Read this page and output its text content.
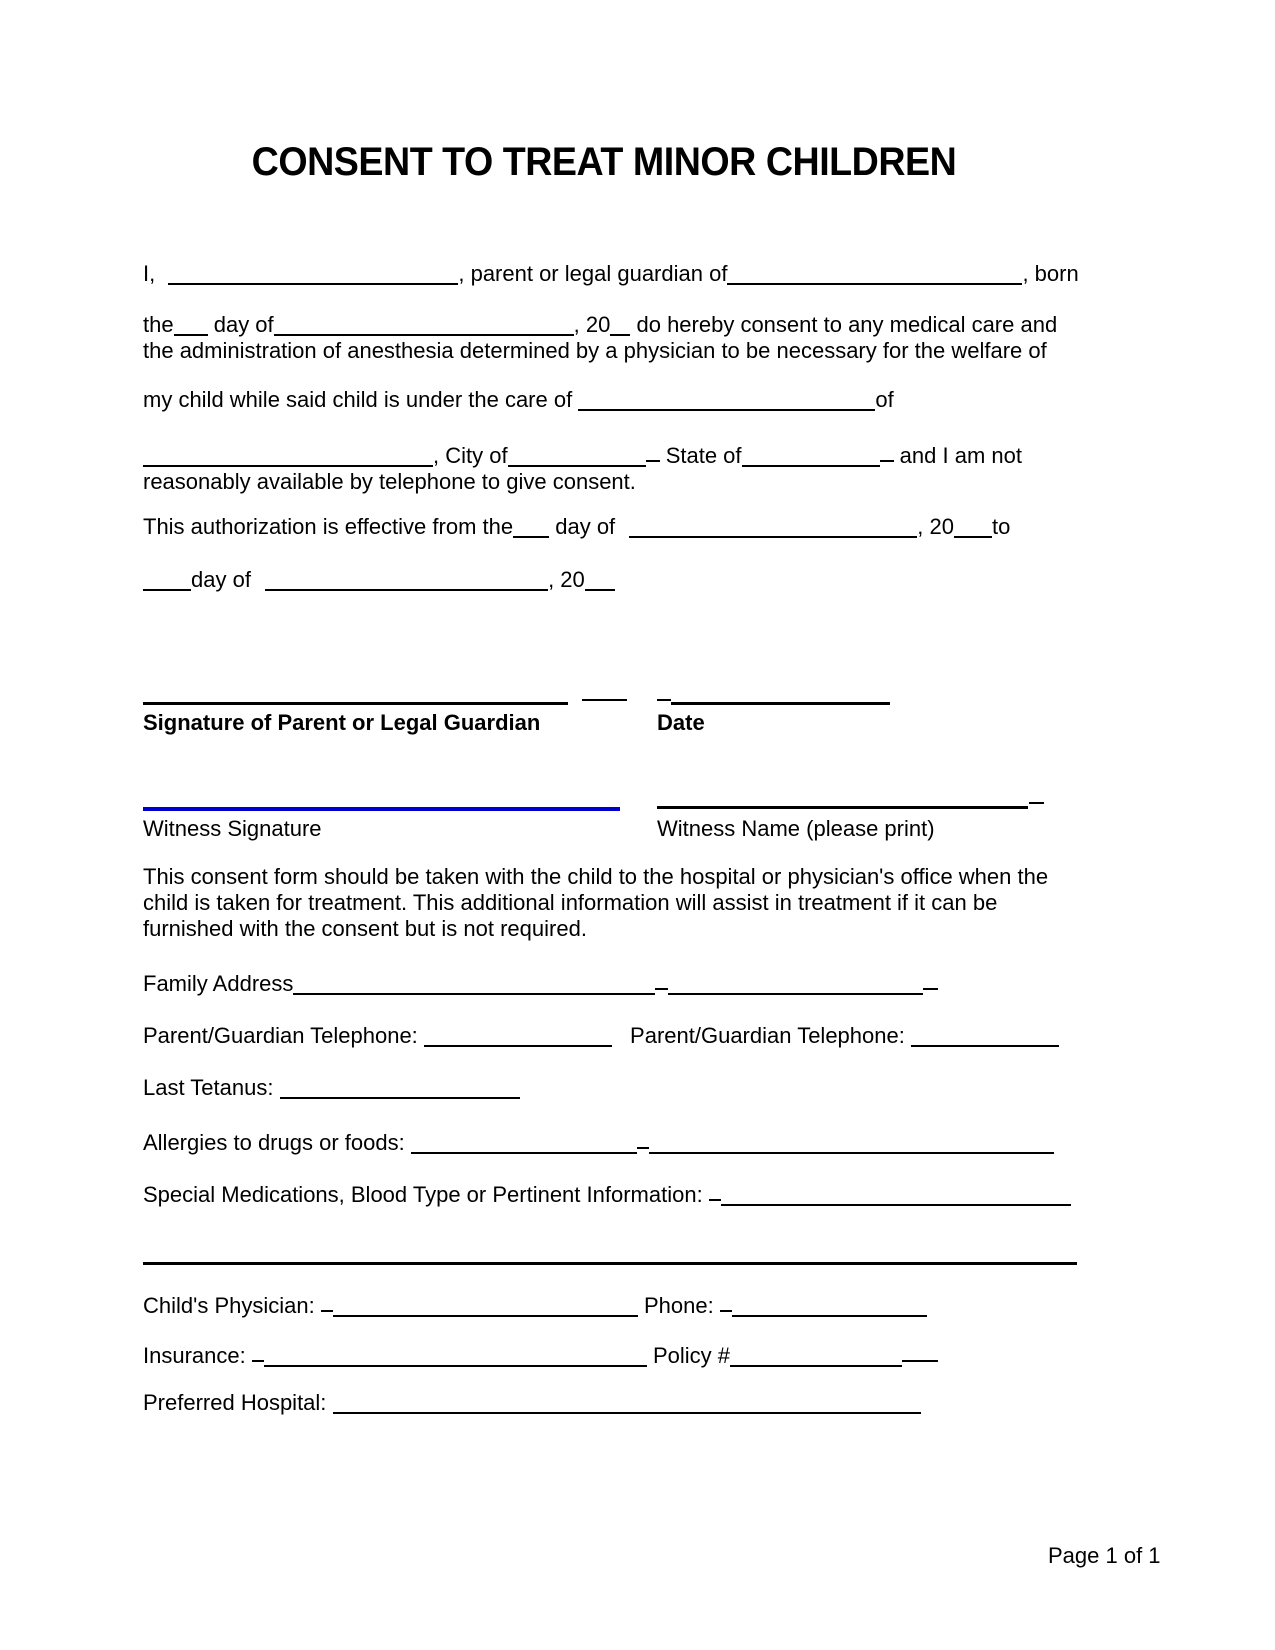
CONSENT TO TREAT MINOR CHILDREN
I,	, parent or legal guardian of	, born
the day of	, 20 do hereby consent to any medical care and
the administration of anesthesia determined by a physician to be necessary for the welfare of
my child while said child is under the care of	of
, City of	State of	and I am not
reasonably available by telephone to give consent.
This authorization is effective from the day of	, 20 to
day of	, 20
Signature of Parent or Legal Guardian	Date
Witness Signature	Witness Name (please print)
This consent form should be taken with the child to the hospital or physician's office when the
child is taken for treatment. This additional information will assist in treatment if it can be
furnished with the consent but is not required.
Family Address
Parent/Guardian Telephone:	Parent/Guardian Telephone:
Last Tetanus:
Allergies to drugs or foods:
Special Medications, Blood Type or Pertinent Information:
Child's Physician:	Phone:
Insurance:	Policy #
Preferred Hospital:
Page 1 of 1
